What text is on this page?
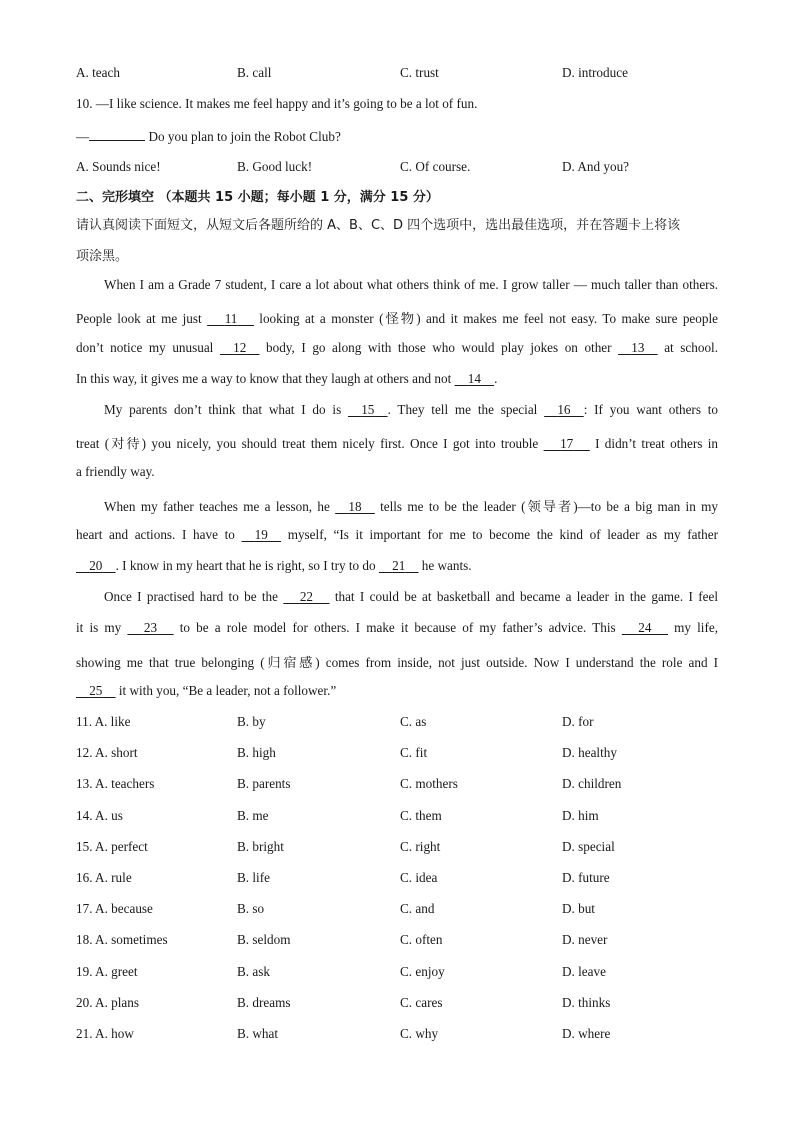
A. teach	B. call	C. trust	D. introduce
10. —I like science. It makes me feel happy and it’s going to be a lot of fun.
—	Do you plan to join the Robot Club?
A. Sounds nice!	B. Good luck!	C. Of course.	D. And you?
二、完形填空 （本题共 15 小题；每小题 1 分，满分 15 分）
请认真阅读下面短文，从短文后各题所给的 A、B、C、D 四个选项中，选出最佳选项，并在答题卡上将该
项涂黑。
When I am a Grade 7 student, I care a lot about what others think of me. I grow taller — much taller than others.
People look at me just       11      looking at a monster (怪物) and it makes me feel not easy. To make sure people
don’t notice my unusual     12     body, I go along with those who would play jokes on other     13     at school.
In this way, it gives me a way to know that they laugh at others and not     14 .
My parents don’t think that what I do is     15 . They tell me the special     16 : If you want others to
treat (对待) you nicely, you should treat them nicely first. Once I got into trouble      17      I didn’t treat others in
a friendly way.
When my father teaches me a lesson, he     18     tells me to be the leader (领导者)—to be a big man in my
heart and actions. I have to     19     myself, “Is it important for me to become the kind of leader as my father
20 . I know in my heart that he is right, so I try to do     21     he wants.
Once I practised hard to be the      22      that I could be at basketball and became a leader in the game. I feel
it is my      23      to be a role model for others. I make it because of my father’s advice. This      24      my life,
showing me that true belonging (归宿感) comes from inside, not just outside. Now I understand the role and I
25     it with you, “Be a leader, not a follower.”
11. A. like	B. by	C. as	D. for
12. A. short	B. high	C. fit	D. healthy
13. A. teachers	B. parents	C. mothers	D. children
14. A. us	B. me	C. them	D. him
15. A. perfect	B. bright	C. right	D. special
16. A. rule	B. life	C. idea	D. future
17. A. because	B. so	C. and	D. but
18. A. sometimes	B. seldom	C. often	D. never
19. A. greet	B. ask	C. enjoy	D. leave
20. A. plans	B. dreams	C. cares	D. thinks
21. A. how	B. what	C. why	D. where
